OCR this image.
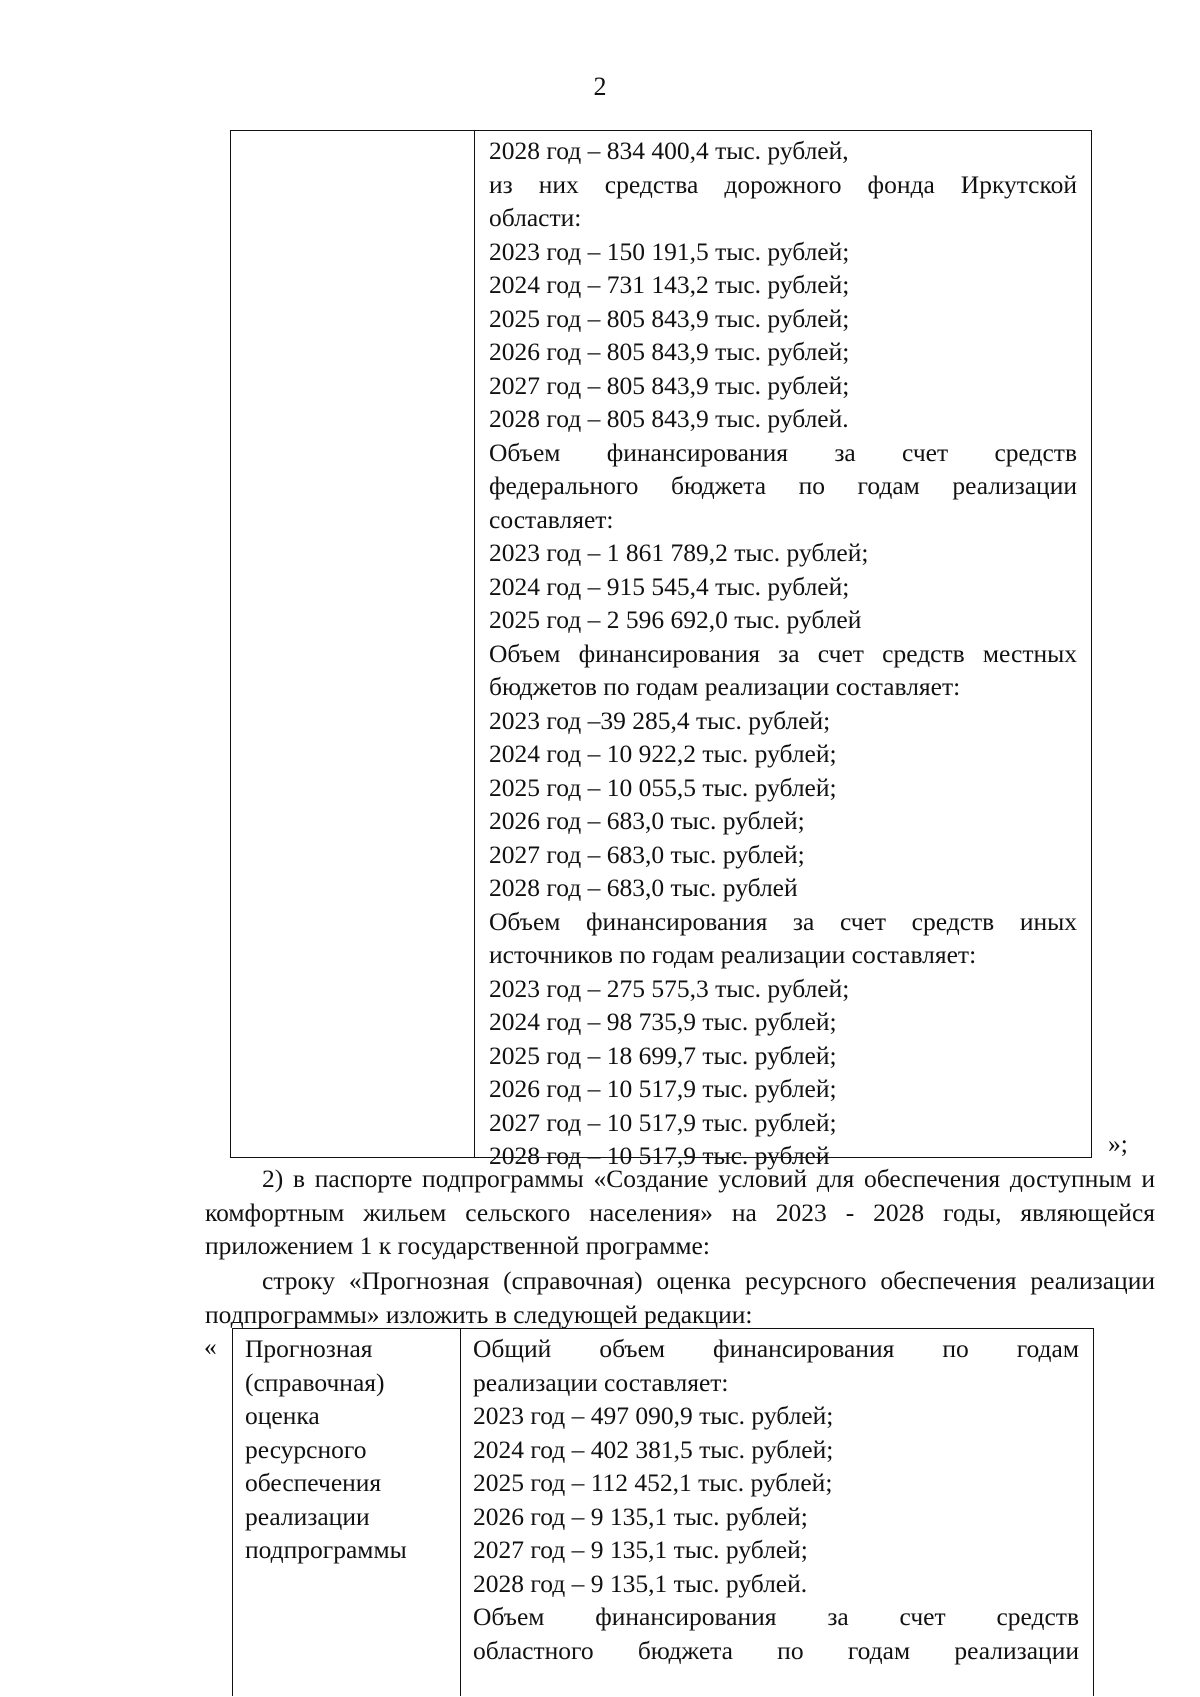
2
2028 год – 834 400,4 тыс. рублей,
из них средства дорожного фонда Иркутской
области:
2023 год – 150 191,5 тыс. рублей;
2024 год – 731 143,2 тыс. рублей;
2025 год – 805 843,9 тыс. рублей;
2026 год – 805 843,9 тыс. рублей;
2027 год – 805 843,9 тыс. рублей;
2028 год – 805 843,9 тыс. рублей.
Объем финансирования за счет средств
федерального бюджета по годам реализации
составляет:
2023 год – 1 861 789,2 тыс. рублей;
2024 год – 915 545,4 тыс. рублей;
2025 год – 2 596 692,0 тыс. рублей
Объем финансирования за счет средств местных
бюджетов по годам реализации составляет:
2023 год –39 285,4 тыс. рублей;
2024 год – 10 922,2 тыс. рублей;
2025 год – 10 055,5 тыс. рублей;
2026 год – 683,0 тыс. рублей;
2027 год – 683,0 тыс. рублей;
2028 год – 683,0 тыс. рублей
Объем финансирования за счет средств иных
источников по годам реализации составляет:
2023 год – 275 575,3 тыс. рублей;
2024 год – 98 735,9 тыс. рублей;
2025 год – 18 699,7 тыс. рублей;
2026 год – 10 517,9 тыс. рублей;
2027 год – 10 517,9 тыс. рублей;
2028 год – 10 517,9 тыс. рублей	»;
2) в паспорте подпрограммы «Создание условий для обеспечения доступным и комфортным жильем сельского населения» на 2023 - 2028 годы, являющейся приложением 1 к государственной программе:
строку «Прогнозная (справочная) оценка ресурсного обеспечения реализации подпрограммы» изложить в следующей редакции:
« Прогнозная
(справочная)
оценка
ресурсного
обеспечения
реализации
подпрограммы
Общий объем финансирования по годам
реализации составляет:
2023 год – 497 090,9 тыс. рублей;
2024 год – 402 381,5 тыс. рублей;
2025 год – 112 452,1 тыс. рублей;
2026 год – 9 135,1 тыс. рублей;
2027 год – 9 135,1 тыс. рублей;
2028 год – 9 135,1 тыс. рублей.
Объем финансирования за счет средств
областного бюджета по годам реализации
